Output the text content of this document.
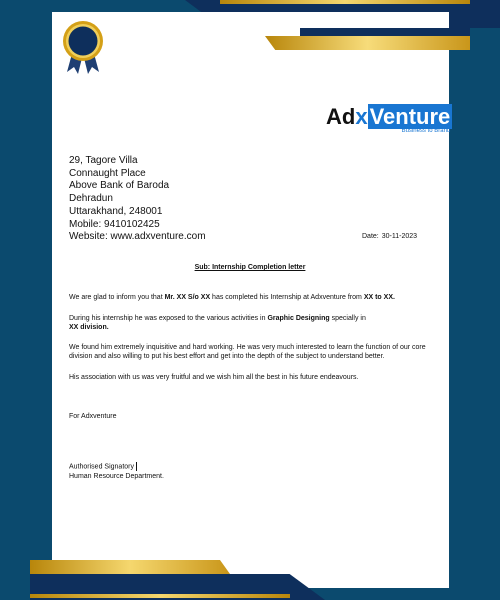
AdxVenture
Business to Brand
29, Tagore Villa
Connaught Place
Above Bank of Baroda
Dehradun
Uttarakhand, 248001
Mobile: 9410102425
Website: www.adxventure.com	Date: 30-11-2023
Sub: Internship Completion letter
We are glad to inform you that Mr. XX S/o XX has completed his Internship at Adxventure from XX to XX.
During his internship he was exposed to the various activities in Graphic Designing specially in
XX division.
We found him extremely inquisitive and hard working. He was very much interested to learn the function of our core division and also willing to put his best effort and get into the depth of the subject to understand better.
His association with us was very fruitful and we wish him all the best in his future endeavours.
For Adxventure
Authorised Signatory
Human Resource Department.
